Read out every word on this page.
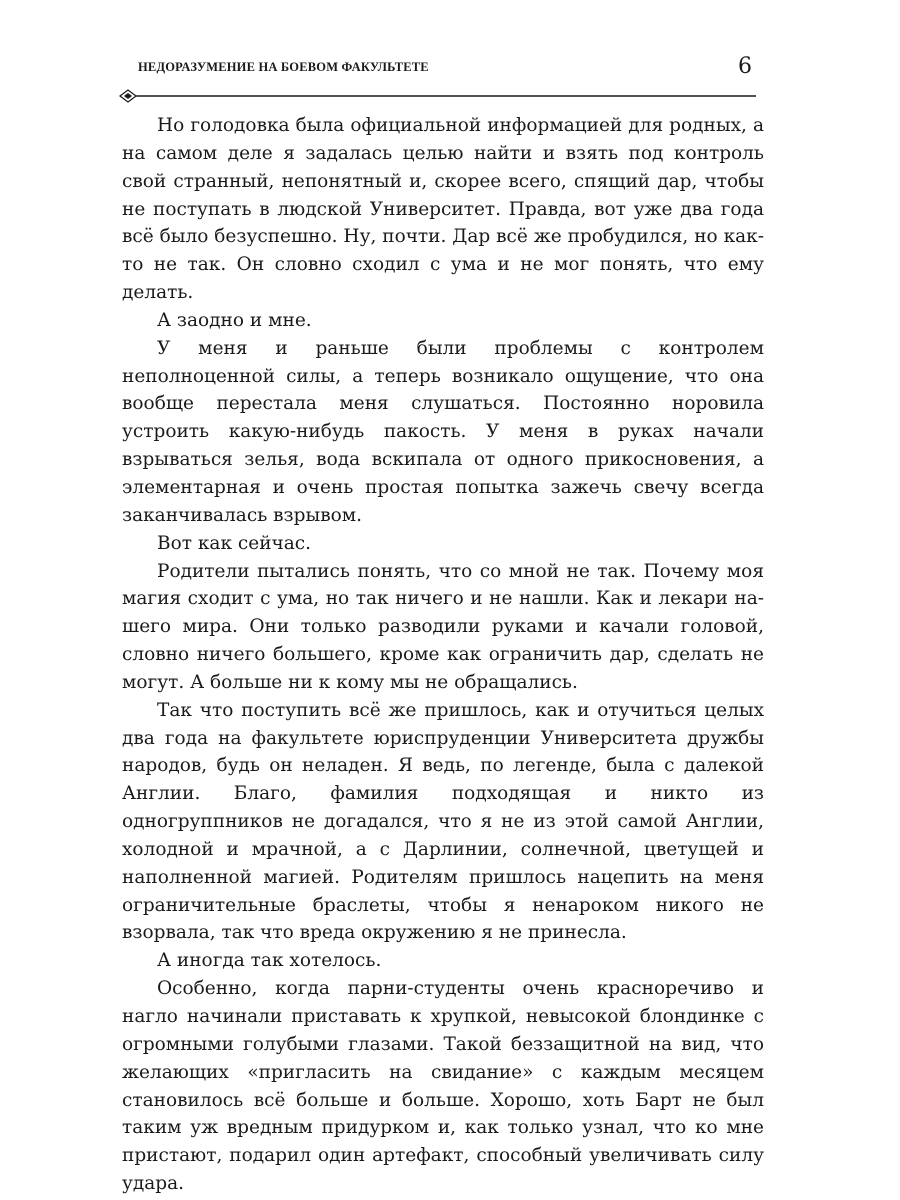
НЕДОРАЗУМЕНИЕ НА БОЕВОМ ФАКУЛЬТЕТЕ	6

Но голодовка была официальной информацией для родных, а на самом деле я задалась целью найти и взять под контроль свой странный, непонятный и, скорее всего, спящий дар, чтобы не поступать в людской Университет. Правда, вот уже два года всё было безуспешно. Ну, почти. Дар всё же пробудился, но как-то не так. Он словно сходил с ума и не мог понять, что ему делать.

А заодно и мне.

У меня и раньше были проблемы с контролем неполноценной силы, а теперь возникало ощущение, что она вообще перестала меня слушаться. Постоянно норовила устроить какую-нибудь пакость. У меня в руках начали взрываться зелья, вода вскипала от одного прикосновения, а элементарная и очень простая попытка зажечь свечу всегда заканчивалась взрывом.

Вот как сейчас.

Родители пытались понять, что со мной не так. Почему моя магия сходит с ума, но так ничего и не нашли. Как и лекари нашего мира. Они только разводили руками и качали головой, словно ничего большего, кроме как ограничить дар, сделать не могут. А больше ни к кому мы не обращались.

Так что поступить всё же пришлось, как и отучиться целых два года на факультете юриспруденции Университета дружбы народов, будь он неладен. Я ведь, по легенде, была с далекой Англии. Благо, фамилия подходящая и никто из одногруппников не догадался, что я не из этой самой Англии, холодной и мрачной, а с Дарлинии, солнечной, цветущей и наполненной магией. Родителям пришлось нацепить на меня ограничительные браслеты, чтобы я ненароком никого не взорвала, так что вреда окружению я не принесла.

А иногда так хотелось.

Особенно, когда парни-студенты очень красноречиво и нагло начинали приставать к хрупкой, невысокой блондинке с огромными голубыми глазами. Такой беззащитной на вид, что желающих «пригласить на свидание» с каждым месяцем становилось всё больше и больше. Хорошо, хоть Барт не был таким уж вредным придурком и, как только узнал, что ко мне пристают, подарил один артефакт, способный увеличивать силу удара.
